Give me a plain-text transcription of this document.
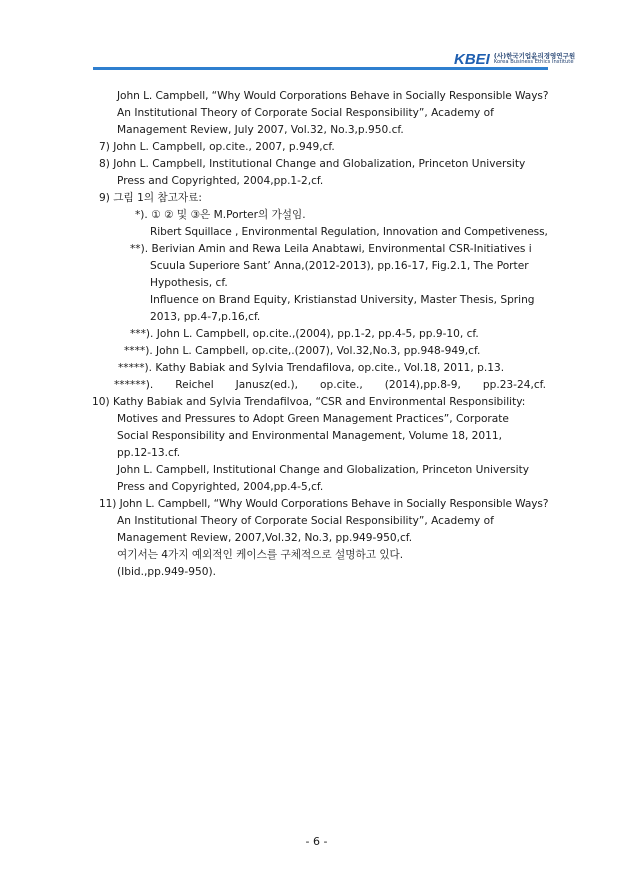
KBEI (사)한국기업윤리경영연구원
Korea Business Ethics Institute
John L. Campbell, “Why Would Corporations Behave in Socially Responsible Ways?
An Institutional Theory of Corporate Social Responsibility”, Academy of
Management Review, July 2007, Vol.32, No.3,p.950.cf.
7) John L. Campbell, op.cite., 2007, p.949,cf.
8) John L. Campbell, Institutional Change and Globalization, Princeton University
Press and Copyrighted, 2004,pp.1-2,cf.
9) 그림 1의 참고자료:
*). ① ② 및 ③은 M.Porter의 가설임.
Ribert Squillace , Environmental Regulation, Innovation and Competiveness,
**). Berivian Amin and Rewa Leila Anabtawi, Environmental CSR-Initiatives i
Scuula Superiore Sant’ Anna,(2012-2013), pp.16-17, Fig.2.1, The Porter
Hypothesis, cf.
Influence on Brand Equity, Kristianstad University, Master Thesis, Spring
2013, pp.4-7,p.16,cf.
***). John L. Campbell, op.cite.,(2004), pp.1-2, pp.4-5, pp.9-10, cf.
****). John L. Campbell, op.cite,.(2007), Vol.32,No.3, pp.948-949,cf.
*****). Kathy Babiak and Sylvia Trendafilova, op.cite., Vol.18, 2011, p.13.
******). Reichel Janusz(ed.), op.cite., (2014),pp.8-9, pp.23-24,cf.
10) Kathy Babiak and Sylvia Trendafilvoa, “CSR and Environmental Responsibility:
Motives and Pressures to Adopt Green Management Practices”, Corporate
Social Responsibility and Environmental Management, Volume 18, 2011,
pp.12-13.cf.
John L. Campbell, Institutional Change and Globalization, Princeton University
Press and Copyrighted, 2004,pp.4-5,cf.
11) John L. Campbell, “Why Would Corporations Behave in Socially Responsible Ways?
An Institutional Theory of Corporate Social Responsibility”, Academy of
Management Review, 2007,Vol.32, No.3, pp.949-950,cf.
여기서는 4가지 예외적인 케이스를 구체적으로 설명하고 있다.
(Ibid.,pp.949-950).
- 6 -
